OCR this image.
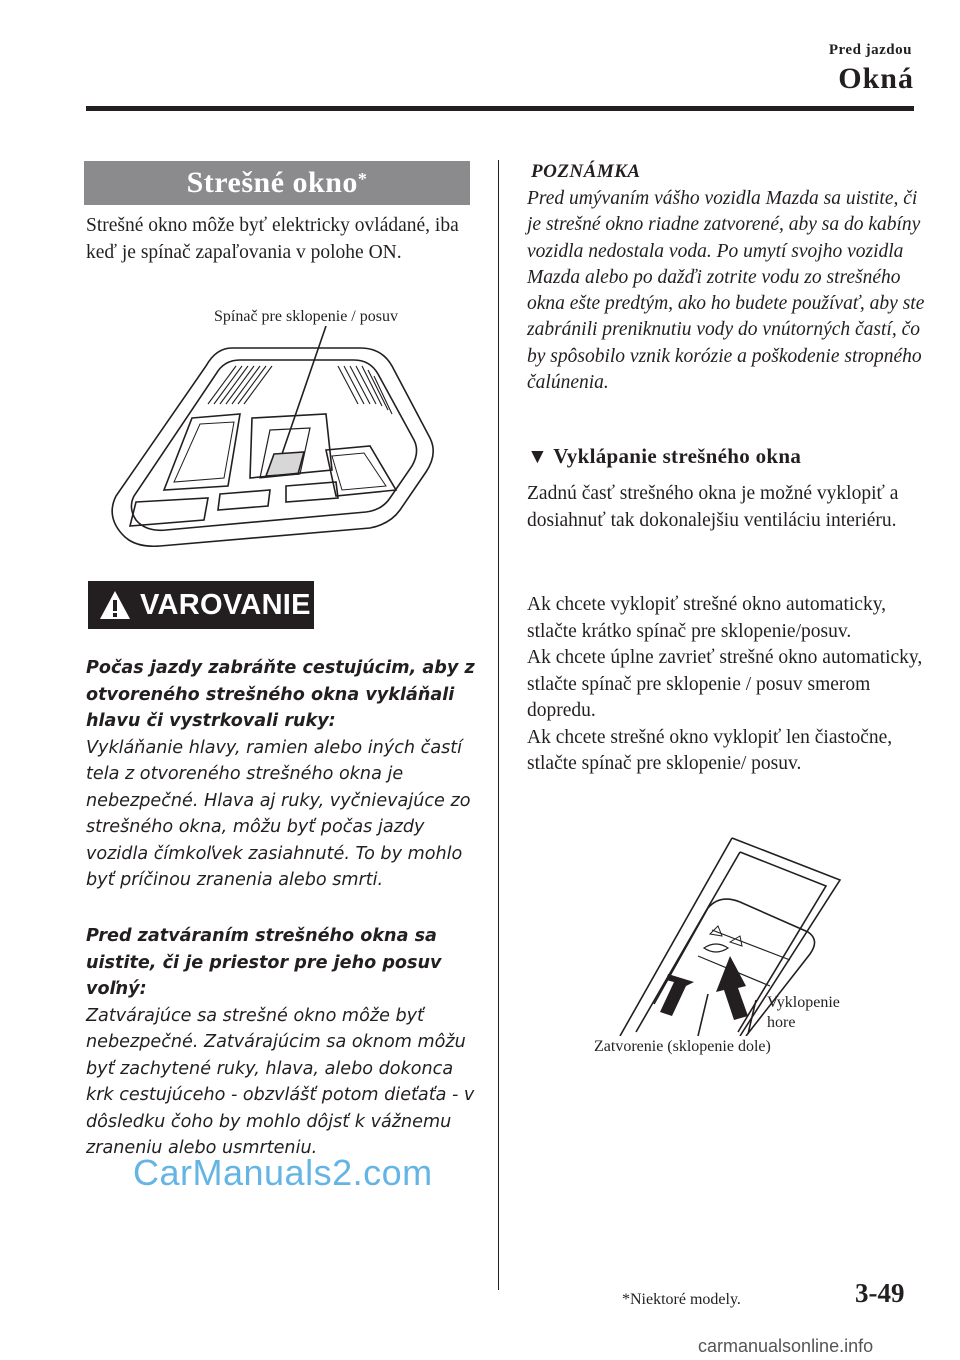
Pred jazdou
Okná
Strešné okno*
Strešné okno môže byť elektricky ovládané, iba keď je spínač zapaľovania v polohe ON.
Spínač pre sklopenie / posuv
VAROVANIE
Počas jazdy zabráňte cestujúcim, aby z otvoreného strešného okna vykláňali hlavu či vystrkovali ruky:
Vykláňanie hlavy, ramien alebo iných častí tela z otvoreného strešného okna je nebezpečné. Hlava aj ruky, vyčnievajúce zo strešného okna, môžu byť počas jazdy vozidla čímkoľvek zasiahnuté. To by mohlo byť príčinou zranenia alebo smrti.
Pred zatváraním strešného okna sa uistite, či je priestor pre jeho posuv voľný:
Zatvárajúce sa strešné okno môže byť nebezpečné. Zatvárajúcim sa oknom môžu byť zachytené ruky, hlava, alebo dokonca krk cestujúceho - obzvlášť potom dieťaťa - v dôsledku čoho by mohlo dôjsť k vážnemu zraneniu alebo usmrteniu.
POZNÁMKA
Pred umývaním vášho vozidla Mazda sa uistite, či je strešné okno riadne zatvorené, aby sa do kabíny vozidla nedostala voda. Po umytí svojho vozidla Mazda alebo po dažďi zotrite vodu zo strešného okna ešte predtým, ako ho budete používať, aby ste zabránili preniknutiu vody do vnútorných častí, čo by spôsobilo vznik korózie a poškodenie stropného čalúnenia.
▼ Vyklápanie strešného okna
Zadnú časť strešného okna je možné vyklopiť a dosiahnuť tak dokonalejšiu ventiláciu interiéru.
Ak chcete vyklopiť strešné okno automaticky, stlačte krátko spínač pre sklopenie/posuv.
Ak chcete úplne zavrieť strešné okno automaticky, stlačte spínač pre sklopenie / posuv smerom dopredu.
Ak chcete strešné okno vyklopiť len čiastočne, stlačte spínač pre sklopenie/ posuv.
Vyklopenie
hore
Zatvorenie (sklopenie dole)
CarManuals2.com
*Niektoré modely.	3-49
carmanualsonline.info
